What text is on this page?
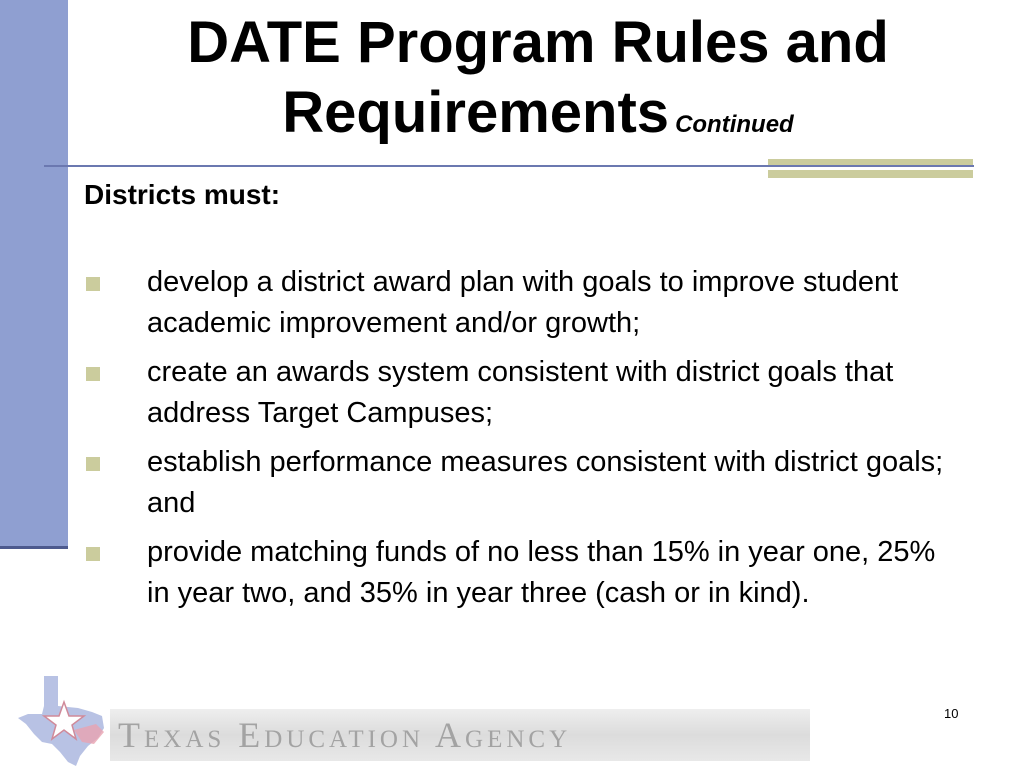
DATE Program Rules and Requirements Continued

Districts must:

develop a district award plan with goals to improve student academic improvement and/or growth;
create an awards system consistent with district goals that address Target Campuses;
establish performance measures consistent with district goals; and
provide matching funds of no less than 15% in year one, 25% in year two, and 35% in year three (cash or in kind).
Texas Education Agency
10
